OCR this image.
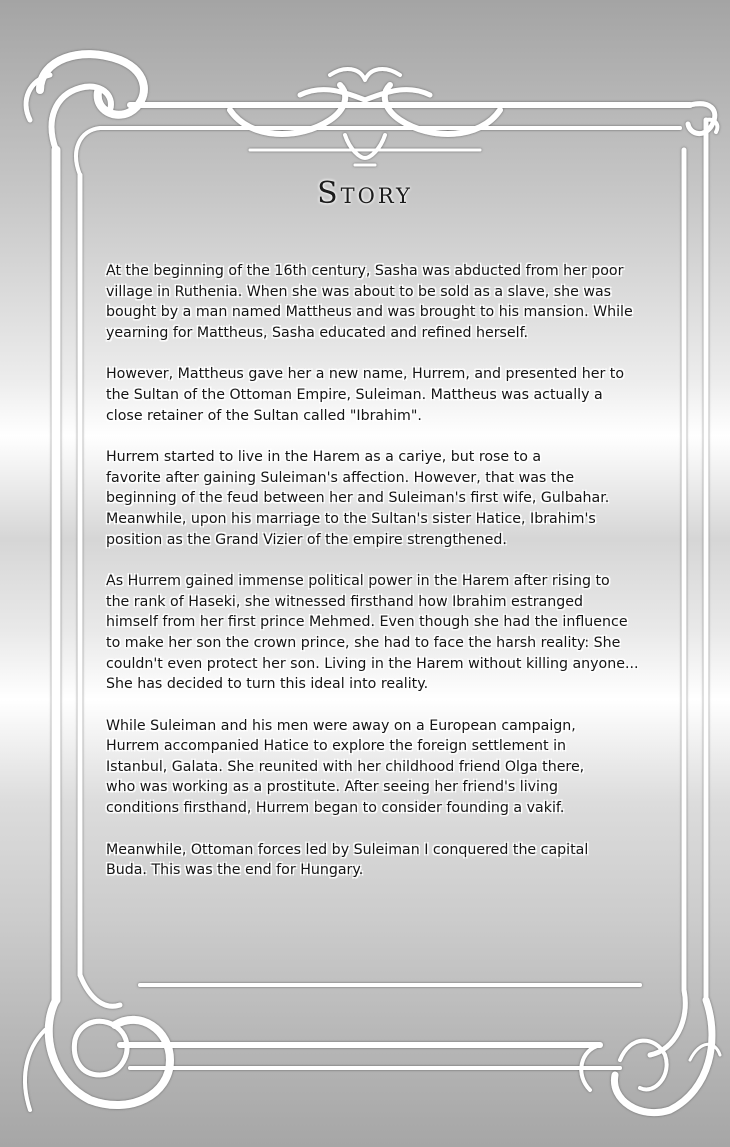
Story

At the beginning of the 16th century, Sasha was abducted from her poor
village in Ruthenia. When she was about to be sold as a slave, she was
bought by a man named Mattheus and was brought to his mansion. While
yearning for Mattheus, Sasha educated and refined herself.

However, Mattheus gave her a new name, Hurrem, and presented her to
the Sultan of the Ottoman Empire, Suleiman. Mattheus was actually a
close retainer of the Sultan called "Ibrahim".

Hurrem started to live in the Harem as a cariye, but rose to a
favorite after gaining Suleiman's affection. However, that was the
beginning of the feud between her and Suleiman's first wife, Gulbahar.
Meanwhile, upon his marriage to the Sultan's sister Hatice, Ibrahim's
position as the Grand Vizier of the empire strengthened.

As Hurrem gained immense political power in the Harem after rising to
the rank of Haseki, she witnessed firsthand how Ibrahim estranged
himself from her first prince Mehmed. Even though she had the influence
to make her son the crown prince, she had to face the harsh reality: She
couldn't even protect her son. Living in the Harem without killing anyone...
She has decided to turn this ideal into reality.

While Suleiman and his men were away on a European campaign,
Hurrem accompanied Hatice to explore the foreign settlement in
Istanbul, Galata. She reunited with her childhood friend Olga there,
who was working as a prostitute. After seeing her friend's living
conditions firsthand, Hurrem began to consider founding a vakif.

Meanwhile, Ottoman forces led by Suleiman I conquered the capital
Buda. This was the end for Hungary.
